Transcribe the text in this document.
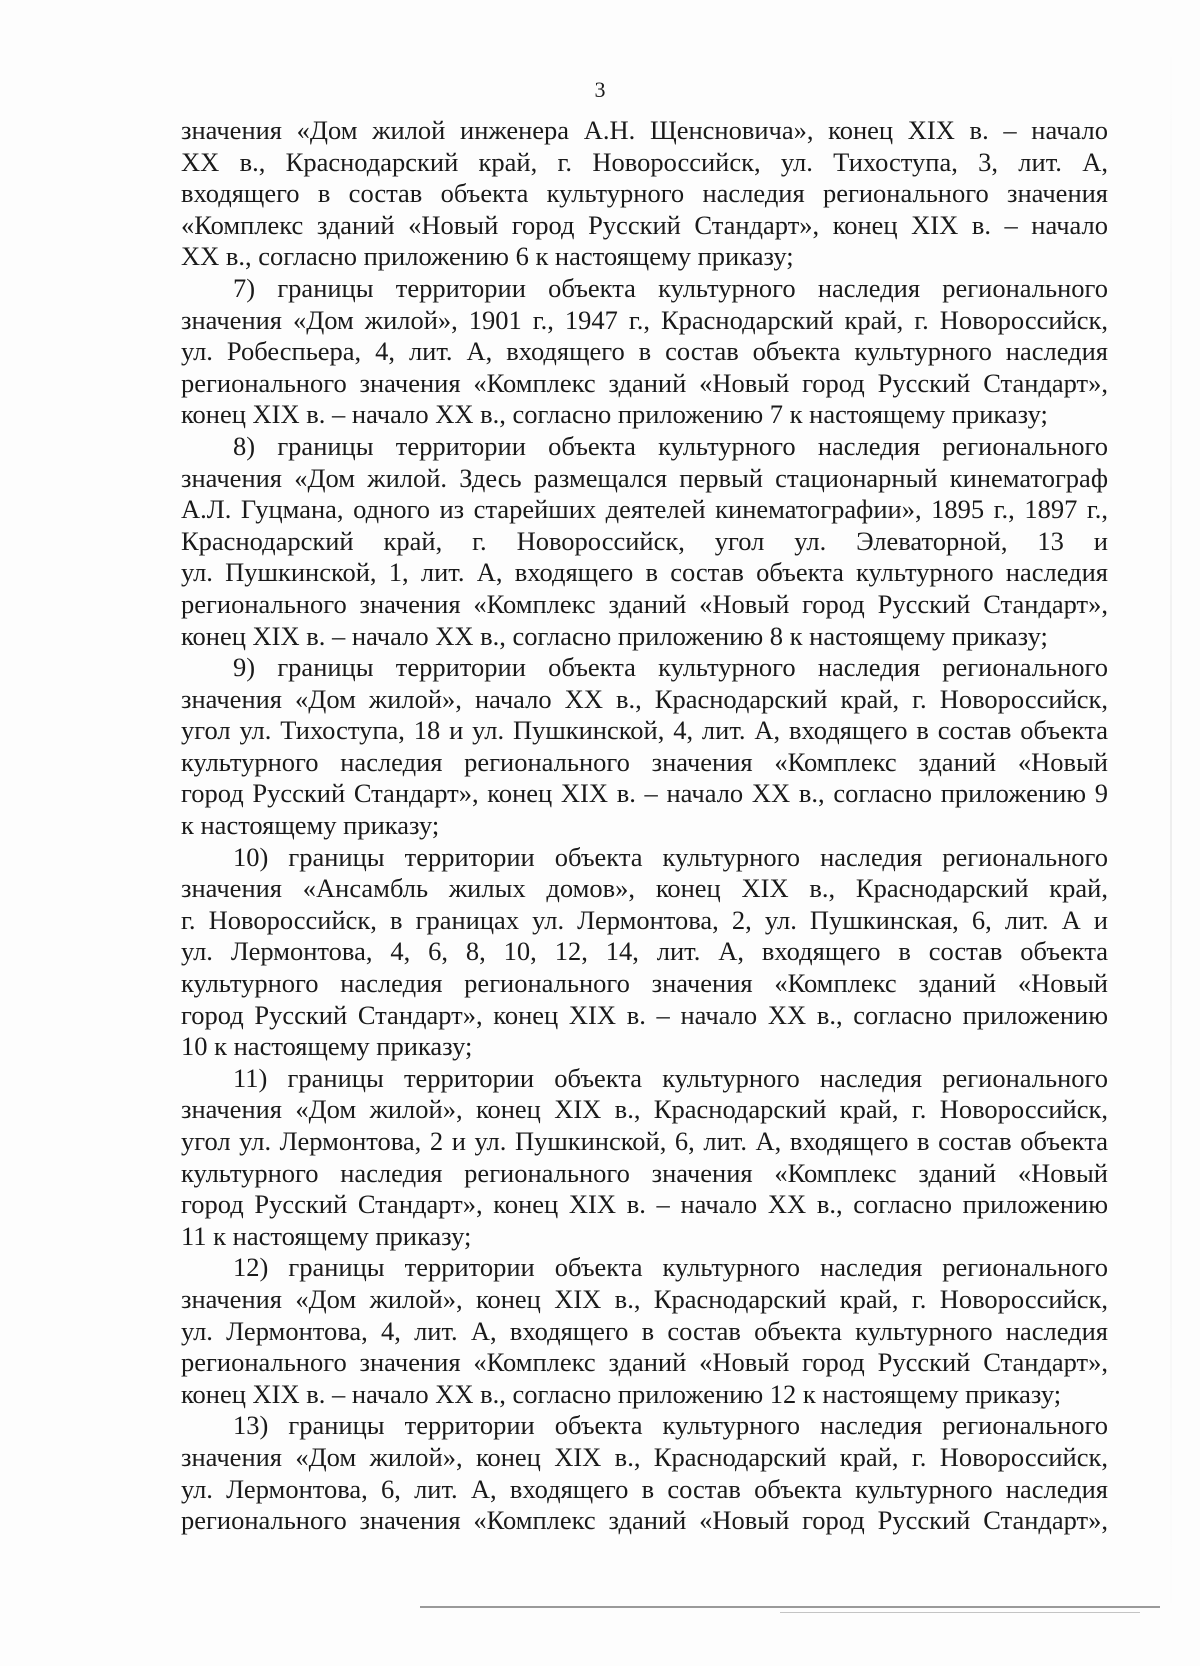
3
значения «Дом жилой инженера А.Н. Щенсновича», конец XIX в. – начало
XX в., Краснодарский край, г. Новороссийск, ул. Тихоступа, 3, лит. А,
входящего в состав объекта культурного наследия регионального значения
«Комплекс зданий «Новый город Русский Стандарт», конец XIX в. – начало
XX в., согласно приложению 6 к настоящему приказу;
7) границы территории объекта культурного наследия регионального
значения «Дом жилой», 1901 г., 1947 г., Краснодарский край, г. Новороссийск,
ул. Робеспьера, 4, лит. А, входящего в состав объекта культурного наследия
регионального значения «Комплекс зданий «Новый город Русский Стандарт»,
конец XIX в. – начало XX в., согласно приложению 7 к настоящему приказу;
8) границы территории объекта культурного наследия регионального
значения «Дом жилой. Здесь размещался первый стационарный кинематограф
А.Л. Гуцмана, одного из старейших деятелей кинематографии», 1895 г., 1897 г.,
Краснодарский край, г. Новороссийск, угол ул. Элеваторной, 13 и
ул. Пушкинской, 1, лит. А, входящего в состав объекта культурного наследия
регионального значения «Комплекс зданий «Новый город Русский Стандарт»,
конец XIX в. – начало XX в., согласно приложению 8 к настоящему приказу;
9) границы территории объекта культурного наследия регионального
значения «Дом жилой», начало XX в., Краснодарский край, г. Новороссийск,
угол ул. Тихоступа, 18 и ул. Пушкинской, 4, лит. А, входящего в состав объекта
культурного наследия регионального значения «Комплекс зданий «Новый
город Русский Стандарт», конец XIX в. – начало XX в., согласно приложению 9
к настоящему приказу;
10) границы территории объекта культурного наследия регионального
значения «Ансамбль жилых домов», конец XIX в., Краснодарский край,
г. Новороссийск, в границах ул. Лермонтова, 2, ул. Пушкинская, 6, лит. А и
ул. Лермонтова, 4, 6, 8, 10, 12, 14, лит. А, входящего в состав объекта
культурного наследия регионального значения «Комплекс зданий «Новый
город Русский Стандарт», конец XIX в. – начало XX в., согласно приложению
10 к настоящему приказу;
11) границы территории объекта культурного наследия регионального
значения «Дом жилой», конец XIX в., Краснодарский край, г. Новороссийск,
угол ул. Лермонтова, 2 и ул. Пушкинской, 6, лит. А, входящего в состав объекта
культурного наследия регионального значения «Комплекс зданий «Новый
город Русский Стандарт», конец XIX в. – начало XX в., согласно приложению
11 к настоящему приказу;
12) границы территории объекта культурного наследия регионального
значения «Дом жилой», конец XIX в., Краснодарский край, г. Новороссийск,
ул. Лермонтова, 4, лит. А, входящего в состав объекта культурного наследия
регионального значения «Комплекс зданий «Новый город Русский Стандарт»,
конец XIX в. – начало XX в., согласно приложению 12 к настоящему приказу;
13) границы территории объекта культурного наследия регионального
значения «Дом жилой», конец XIX в., Краснодарский край, г. Новороссийск,
ул. Лермонтова, 6, лит. А, входящего в состав объекта культурного наследия
регионального значения «Комплекс зданий «Новый город Русский Стандарт»,
